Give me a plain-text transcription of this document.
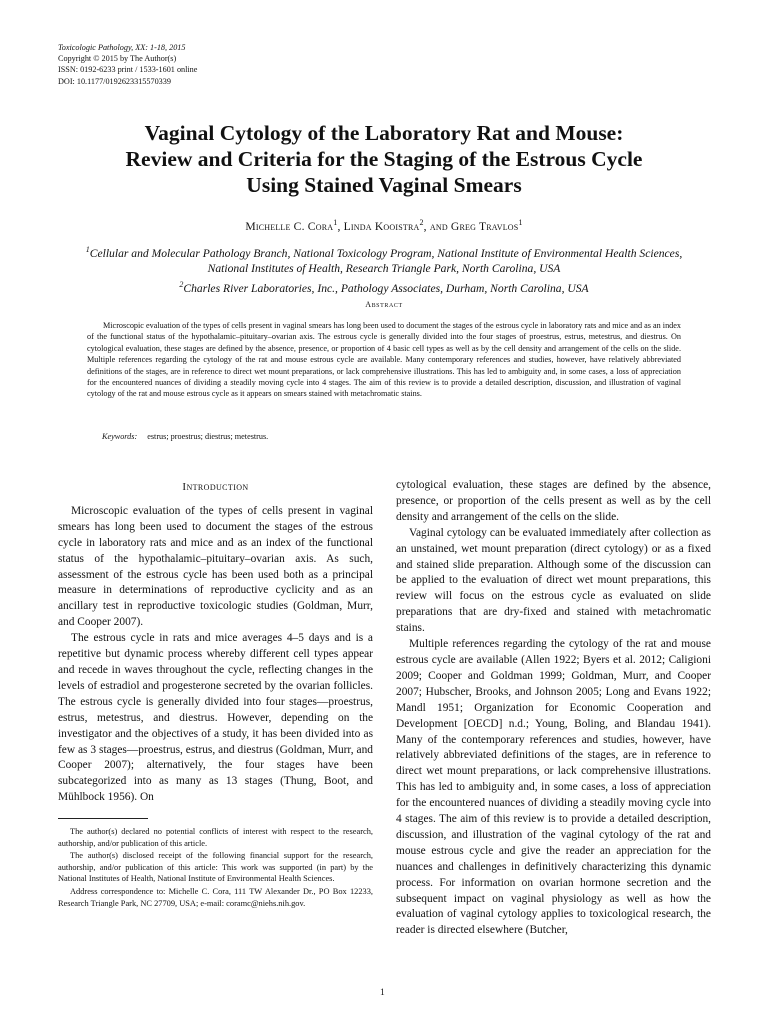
Toxicologic Pathology, XX: 1-18, 2015
Copyright © 2015 by The Author(s)
ISSN: 0192-6233 print / 1533-1601 online
DOI: 10.1177/0192623315570339
Vaginal Cytology of the Laboratory Rat and Mouse:
Review and Criteria for the Staging of the Estrous Cycle
Using Stained Vaginal Smears
Michelle C. Cora$^1$, Linda Kooistra$^2$, and Greg Travlos$^1$
$^1$Cellular and Molecular Pathology Branch, National Toxicology Program, National Institute of Environmental Health Sciences, National Institutes of Health, Research Triangle Park, North Carolina, USA
$^2$Charles River Laboratories, Inc., Pathology Associates, Durham, North Carolina, USA
Abstract
Microscopic evaluation of the types of cells present in vaginal smears has long been used to document the stages of the estrous cycle in laboratory rats and mice and as an index of the functional status of the hypothalamic–pituitary–ovarian axis. The estrous cycle is generally divided into the four stages of proestrus, estrus, metestrus, and diestrus. On cytological evaluation, these stages are defined by the absence, presence, or proportion of 4 basic cell types as well as by the cell density and arrangement of the cells on the slide. Multiple references regarding the cytology of the rat and mouse estrous cycle are available. Many contemporary references and studies, however, have relatively abbreviated definitions of the stages, are in reference to direct wet mount preparations, or lack comprehensive illustrations. This has led to ambiguity and, in some cases, a loss of appreciation for the encountered nuances of dividing a steadily moving cycle into 4 stages. The aim of this review is to provide a detailed description, discussion, and illustration of vaginal cytology of the rat and mouse estrous cycle as it appears on smears stained with metachromatic stains.
Keywords: estrus; proestrus; diestrus; metestrus.
Introduction

Microscopic evaluation of the types of cells present in vaginal smears has long been used to document the stages of the estrous cycle in laboratory rats and mice and as an index of the functional status of the hypothalamic–pituitary–ovarian axis. As such, assessment of the estrous cycle has been used both as a principal measure in determinations of reproductive cyclicity and as an ancillary test in reproductive toxicologic studies (Goldman, Murr, and Cooper 2007).

The estrous cycle in rats and mice averages 4–5 days and is a repetitive but dynamic process whereby different cell types appear and recede in waves throughout the cycle, reflecting changes in the levels of estradiol and progesterone secreted by the ovarian follicles. The estrous cycle is generally divided into four stages—proestrus, estrus, metestrus, and diestrus. However, depending on the investigator and the objectives of a study, it has been divided into as few as 3 stages—proestrus, estrus, and diestrus (Goldman, Murr, and Cooper 2007); alternatively, the four stages have been subcategorized into as many as 13 stages (Thung, Boot, and Mühlbock 1956). On

cytological evaluation, these stages are defined by the absence, presence, or proportion of the cells present as well as by the cell density and arrangement of the cells on the slide.

Vaginal cytology can be evaluated immediately after collection as an unstained, wet mount preparation (direct cytology) or as a fixed and stained slide preparation. Although some of the discussion can be applied to the evaluation of direct wet mount preparations, this review will focus on the estrous cycle as evaluated on slide preparations that are dry-fixed and stained with metachromatic stains.

Multiple references regarding the cytology of the rat and mouse estrous cycle are available (Allen 1922; Byers et al. 2012; Caligioni 2009; Cooper and Goldman 1999; Goldman, Murr, and Cooper 2007; Hubscher, Brooks, and Johnson 2005; Long and Evans 1922; Mandl 1951; Organization for Economic Cooperation and Development [OECD] n.d.; Young, Boling, and Blandau 1941). Many of the contemporary references and studies, however, have relatively abbreviated definitions of the stages, are in reference to direct wet mount preparations, or lack comprehensive illustrations. This has led to ambiguity and, in some cases, a loss of appreciation for the encountered nuances of dividing a steadily moving cycle into 4 stages. The aim of this review is to provide a detailed description, discussion, and illustration of the vaginal cytology of the rat and mouse estrous cycle and give the reader an appreciation for the nuances and challenges in definitively characterizing this dynamic process. For information on ovarian hormone secretion and the subsequent impact on vaginal physiology as well as how the evaluation of vaginal cytology applies to toxicological research, the reader is directed elsewhere (Butcher,

The author(s) declared no potential conflicts of interest with respect to the research, authorship, and/or publication of this article.

The author(s) disclosed receipt of the following financial support for the research, authorship, and/or publication of this article: This work was supported (in part) by the National Institutes of Health, National Institute of Environmental Health Sciences.

Address correspondence to: Michelle C. Cora, 111 TW Alexander Dr., PO Box 12233, Research Triangle Park, NC 27709, USA; e-mail: coramc@niehs.nih.gov.

1
